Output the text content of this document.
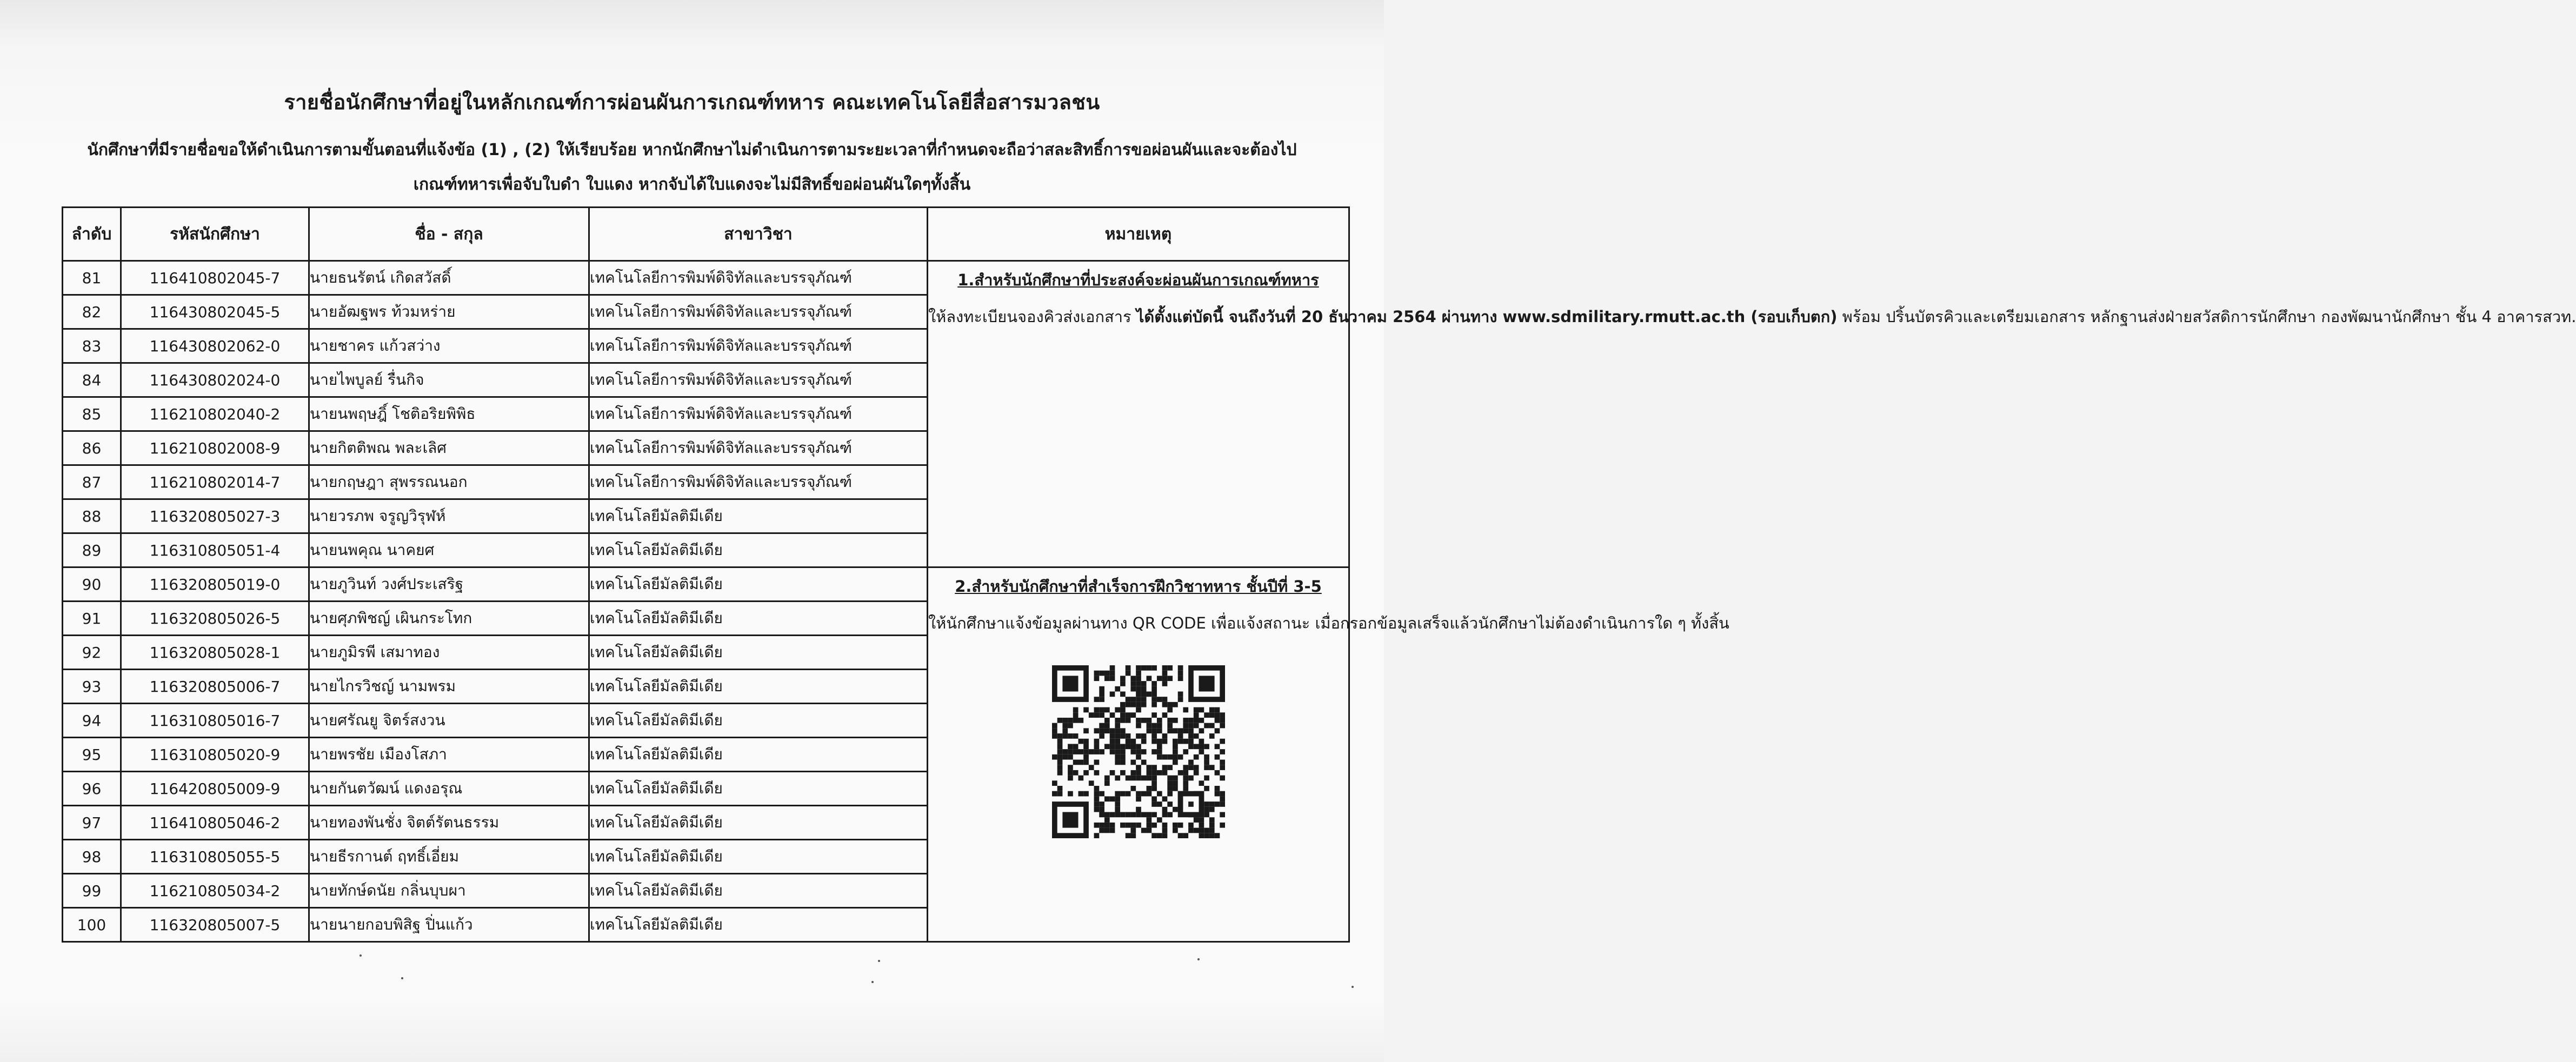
รายชื่อนักศึกษาที่อยู่ในหลักเกณฑ์การผ่อนผันการเกณฑ์ทหาร คณะเทคโนโลยีสื่อสารมวลชน
นักศึกษาที่มีรายชื่อขอให้ดำเนินการตามขั้นตอนที่แจ้งข้อ (1) , (2) ให้เรียบร้อย หากนักศึกษาไม่ดำเนินการตามระยะเวลาที่กำหนดจะถือว่าสละสิทธิ์การขอผ่อนผันและจะต้องไป
เกณฑ์ทหารเพื่อจับใบดำ ใบแดง หากจับได้ใบแดงจะไม่มีสิทธิ์ขอผ่อนผันใดๆทั้งสิ้น
ลำดับ	รหัสนักศึกษา	ชื่อ - สกุล	สาขาวิชา	หมายเหตุ
81	116410802045-7	นายธนรัตน์ เกิดสวัสดิ์	เทคโนโลยีการพิมพ์ดิจิทัลและบรรจุภัณฑ์	1.สำหรับนักศึกษาที่ประสงค์จะผ่อนผันการเกณฑ์ทหาร
ให้ลงทะเบียนจองคิวส่งเอกสาร ได้ตั้งแต่บัดนี้ จนถึงวันที่ 20 ธันวาคม 2564 ผ่านทาง www.sdmilitary.rmutt.ac.th (รอบเก็บตก) พร้อม ปริ้นบัตรคิวและเตรียมเอกสาร หลักฐานส่งฝ่ายสวัสดิการนักศึกษา กองพัฒนานักศึกษา ชั้น 4 อาคารสวท.
82	116430802045-5	นายอัฒฐพร ท้วมหร่าย	เทคโนโลยีการพิมพ์ดิจิทัลและบรรจุภัณฑ์	
83	116430802062-0	นายชาคร แก้วสว่าง	เทคโนโลยีการพิมพ์ดิจิทัลและบรรจุภัณฑ์	
84	116430802024-0	นายไพบูลย์ รื่นกิจ	เทคโนโลยีการพิมพ์ดิจิทัลและบรรจุภัณฑ์	
85	116210802040-2	นายนพฤษฎิ์ โชติอริยพิพิธ	เทคโนโลยีการพิมพ์ดิจิทัลและบรรจุภัณฑ์	
86	116210802008-9	นายกิตติพณ พละเลิศ	เทคโนโลยีการพิมพ์ดิจิทัลและบรรจุภัณฑ์	
87	116210802014-7	นายกฤษฎา สุพรรณนอก	เทคโนโลยีการพิมพ์ดิจิทัลและบรรจุภัณฑ์	
88	116320805027-3	นายวรภพ จรูญวิรุฬห์	เทคโนโลยีมัลติมีเดีย	
89	116310805051-4	นายนพคุณ นาคยศ	เทคโนโลยีมัลติมีเดีย	
90	116320805019-0	นายภูวินท์ วงศ์ประเสริฐ	เทคโนโลยีมัลติมีเดีย	2.สำหรับนักศึกษาที่สำเร็จการฝึกวิชาทหาร ชั้นปีที่ 3-5
ให้นักศึกษาแจ้งข้อมูลผ่านทาง QR CODE เพื่อแจ้งสถานะ เมื่อกรอกข้อมูลเสร็จแล้วนักศึกษาไม่ต้องดำเนินการใด ๆ ทั้งสิ้น

91	116320805026-5	นายศุภพิชญ์ เผินกระโทก	เทคโนโลยีมัลติมีเดีย	
92	116320805028-1	นายภูมิรพี เสมาทอง	เทคโนโลยีมัลติมีเดีย	
93	116320805006-7	นายไกรวิชญ์ นามพรม	เทคโนโลยีมัลติมีเดีย	
94	116310805016-7	นายศรัณยู จิตร์สงวน	เทคโนโลยีมัลติมีเดีย	
95	116310805020-9	นายพรชัย เมืองโสภา	เทคโนโลยีมัลติมีเดีย	
96	116420805009-9	นายกันตวัฒน์ แดงอรุณ	เทคโนโลยีมัลติมีเดีย	
97	116410805046-2	นายทองพันชั่ง จิตต์รัตนธรรม	เทคโนโลยีมัลติมีเดีย	
98	116310805055-5	นายธีรกานต์ ฤทธิ์เอี่ยม	เทคโนโลยีมัลติมีเดีย	
99	116210805034-2	นายทักษ์ดนัย กลิ่นบุบผา	เทคโนโลยีมัลติมีเดีย	
100	116320805007-5	นายนายกอบพิสิฐ ปิ่นแก้ว	เทคโนโลยีมัลติมีเดีย	
